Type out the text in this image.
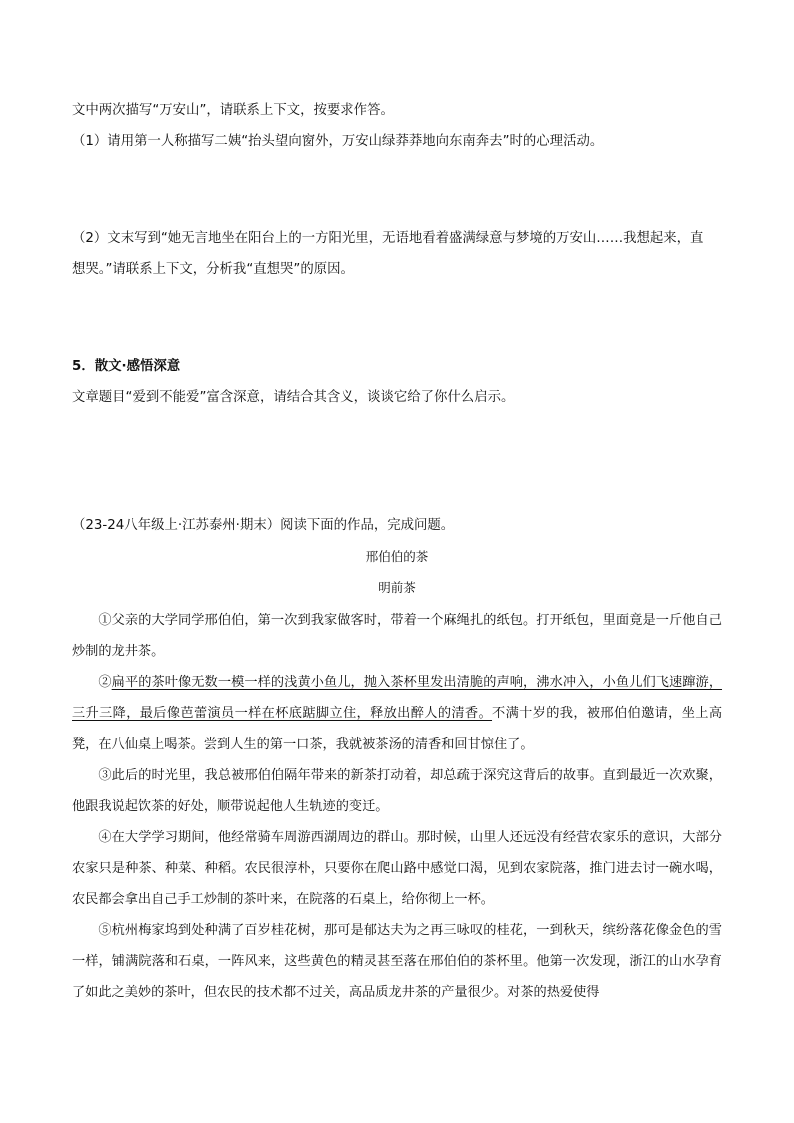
文中两次描写“万安山”，请联系上下文，按要求作答。
（1）请用第一人称描写二姨“抬头望向窗外，万安山绿莽莽地向东南奔去”时的心理活动。
（2）文末写到“她无言地坐在阳台上的一方阳光里，无语地看着盛满绿意与梦境的万安山……我想起来，直
想哭。”请联系上下文，分析我“直想哭”的原因。
5．散文·感悟深意
文章题目“爱到不能爱”富含深意，请结合其含义，谈谈它给了你什么启示。
（23-24八年级上·江苏泰州·期末）阅读下面的作品，完成问题。
邢伯伯的茶
明前茶
①父亲的大学同学邢伯伯，第一次到我家做客时，带着一个麻绳扎的纸包。打开纸包，里面竟是一斤他自己炒制的龙井茶。
②扁平的茶叶像无数一模一样的浅黄小鱼儿，抛入茶杯里发出清脆的声响，沸水冲入，小鱼儿们飞速蹿游，三升三降，最后像芭蕾演员一样在杯底踮脚立住，释放出醉人的清香。不满十岁的我，被邢伯伯邀请，坐上高凳，在八仙桌上喝茶。尝到人生的第一口茶，我就被茶汤的清香和回甘惊住了。
③此后的时光里，我总被邢伯伯隔年带来的新茶打动着，却总疏于深究这背后的故事。直到最近一次欢聚，他跟我说起饮茶的好处，顺带说起他人生轨迹的变迁。
④在大学学习期间，他经常骑车周游西湖周边的群山。那时候，山里人还远没有经营农家乐的意识，大部分农家只是种茶、种菜、种稻。农民很淳朴，只要你在爬山路中感觉口渴，见到农家院落，推门进去讨一碗水喝，农民都会拿出自己手工炒制的茶叶来，在院落的石桌上，给你彻上一杯。
⑤杭州梅家坞到处种满了百岁桂花树，那可是郁达夫为之再三咏叹的桂花，一到秋天，缤纷落花像金色的雪一样，铺满院落和石桌，一阵风来，这些黄色的精灵甚至落在邢伯伯的茶杯里。他第一次发现，浙江的山水孕育了如此之美妙的茶叶，但农民的技术都不过关，高品质龙井茶的产量很少。对茶的热爱使得
